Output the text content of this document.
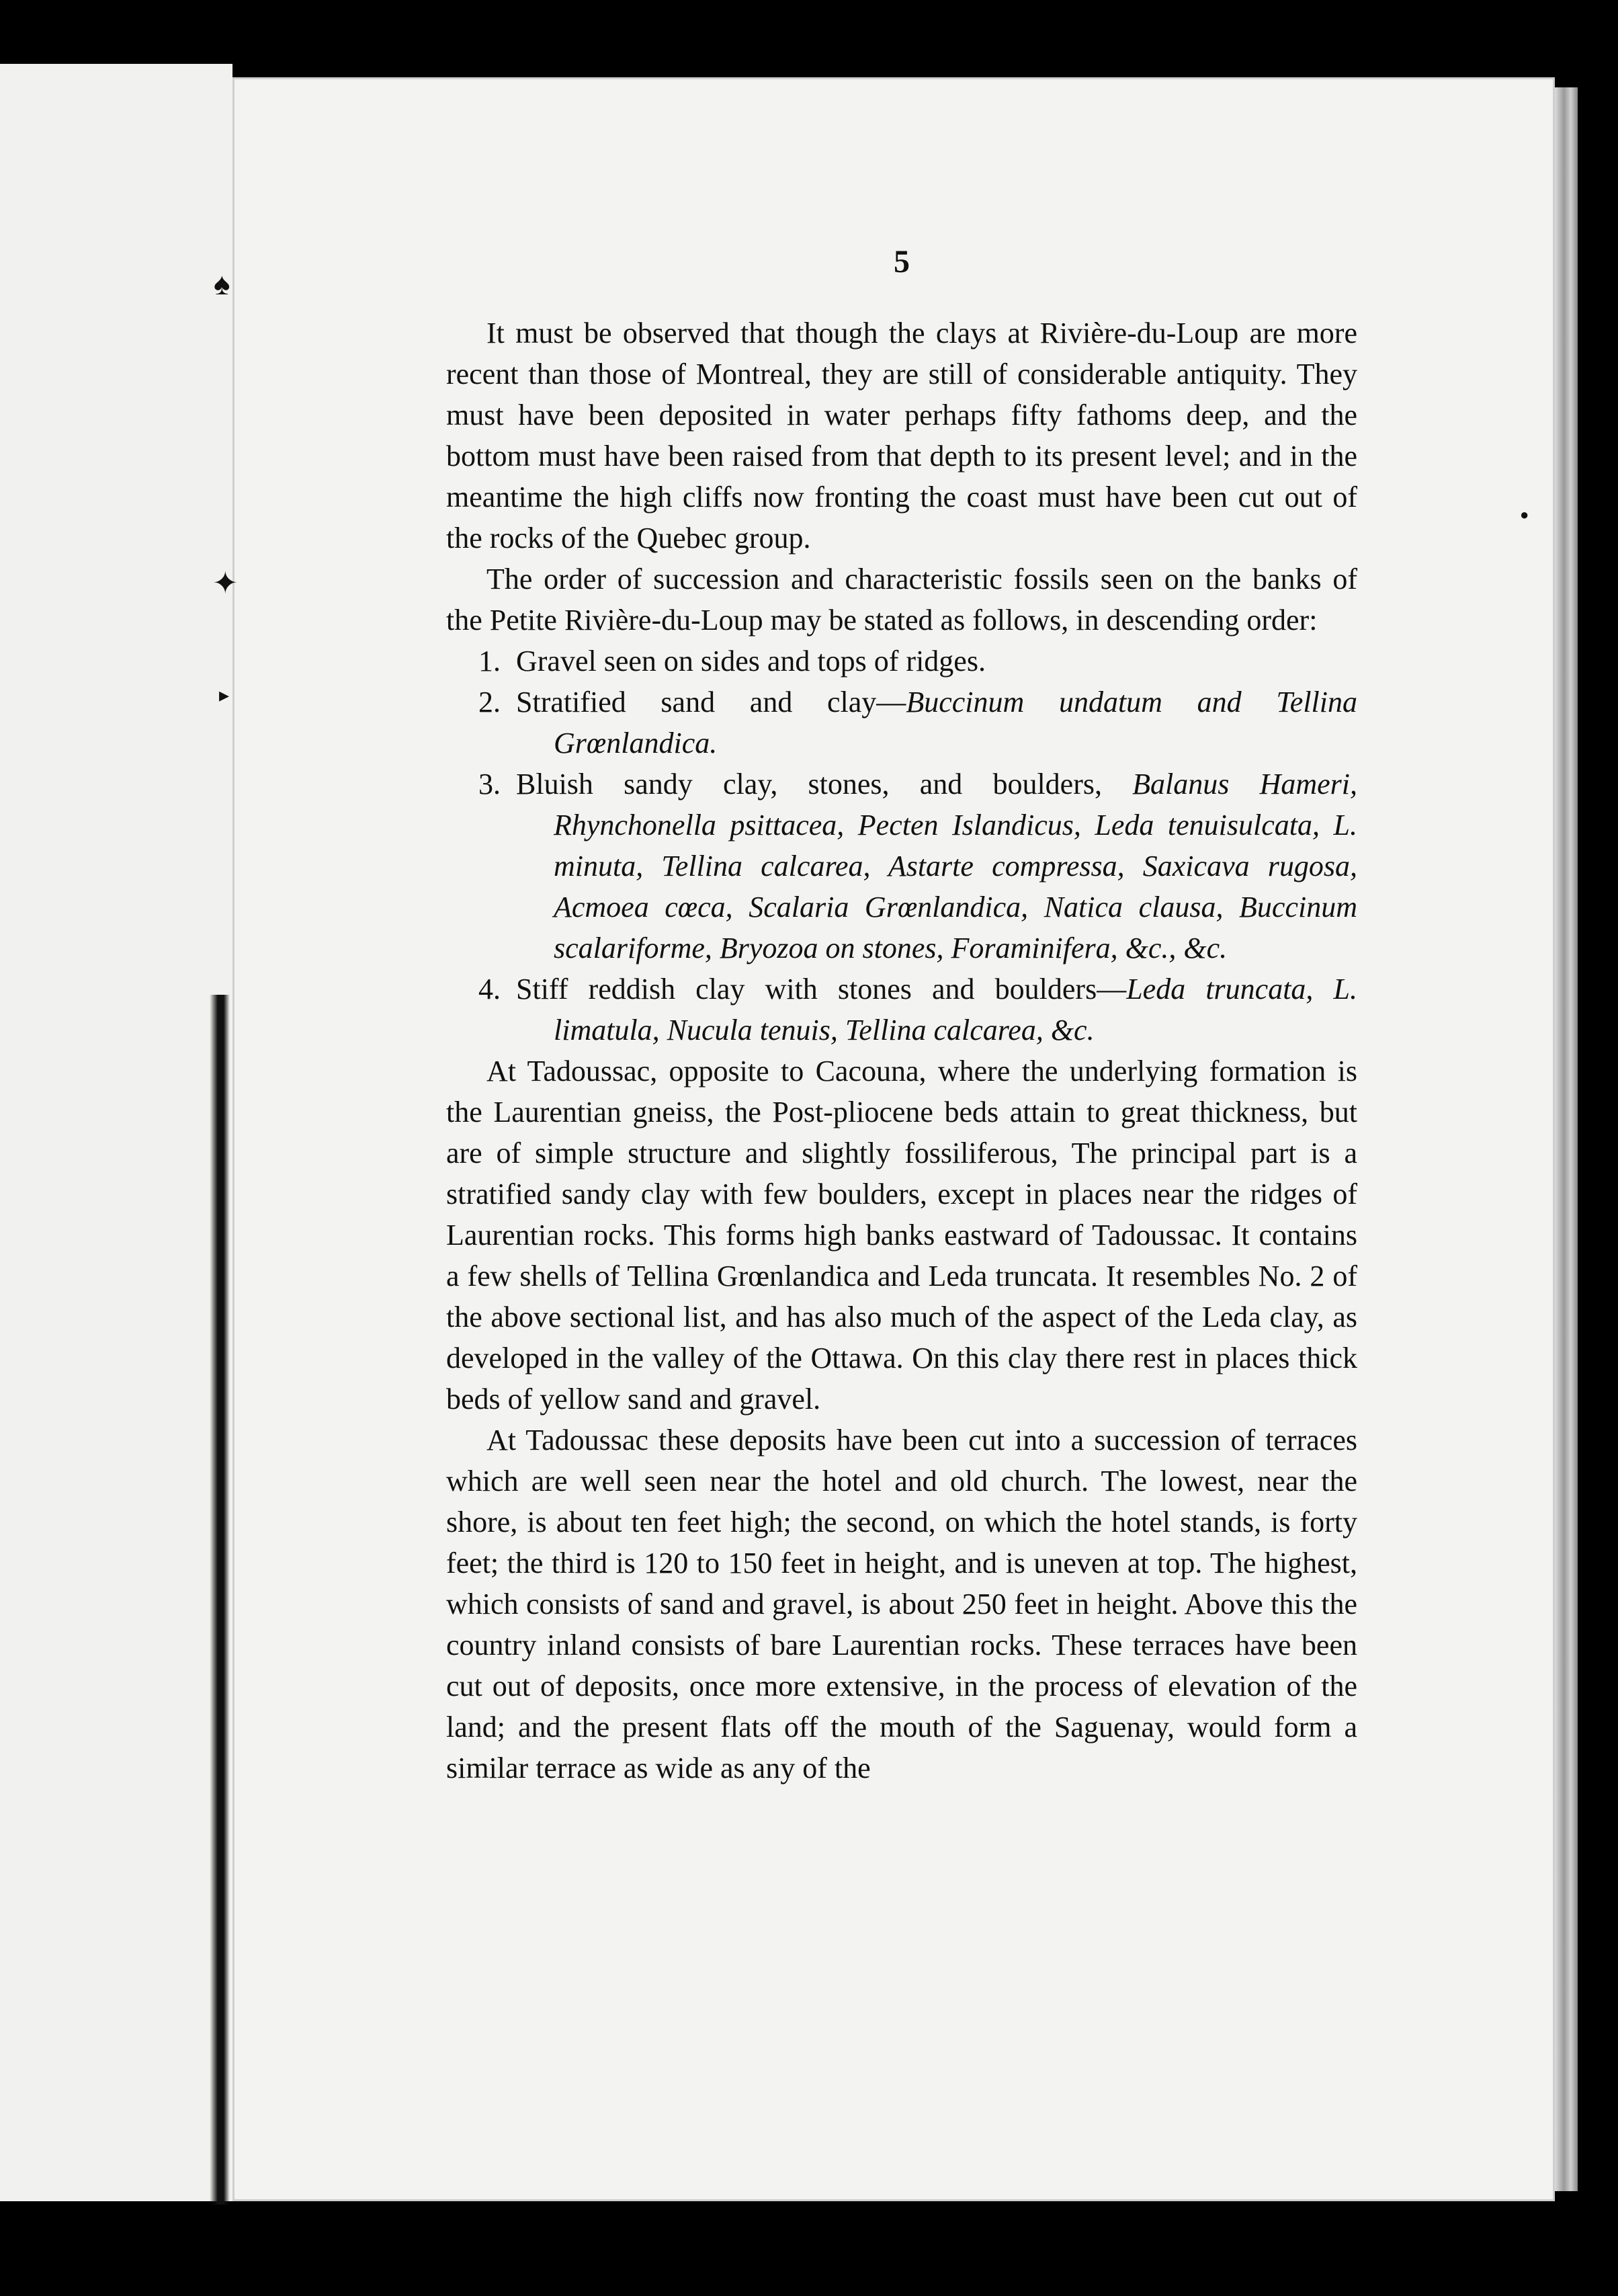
♠
✦
▸
●
5

It must be observed that though the clays at Rivière-du-Loup are more recent than those of Montreal, they are still of considerable antiquity. They must have been deposited in water perhaps fifty fathoms deep, and the bottom must have been raised from that depth to its present level; and in the meantime the high cliffs now fronting the coast must have been cut out of the rocks of the Quebec group.

The order of succession and characteristic fossils seen on the banks of the Petite Rivière-du-Loup may be stated as follows, in descending order:

1. Gravel seen on sides and tops of ridges.
2. Stratified sand and clay—Buccinum undatum and Tellina Grœnlandica.
3. Bluish sandy clay, stones, and boulders, Balanus Hameri, Rhynchonella psittacea, Pecten Islandicus, Leda tenuisulcata, L. minuta, Tellina calcarea, Astarte compressa, Saxicava rugosa, Acmoea cœca, Scalaria Grœnlandica, Natica clausa, Buccinum scalariforme, Bryozoa on stones, Foraminifera, &c., &c.
4. Stiff reddish clay with stones and boulders—Leda truncata, L. limatula, Nucula tenuis, Tellina calcarea, &c.

At Tadoussac, opposite to Cacouna, where the underlying formation is the Laurentian gneiss, the Post-pliocene beds attain to great thickness, but are of simple structure and slightly fossiliferous, The principal part is a stratified sandy clay with few boulders, except in places near the ridges of Laurentian rocks. This forms high banks eastward of Tadoussac. It contains a few shells of Tellina Grœnlandica and Leda truncata. It resembles No. 2 of the above sectional list, and has also much of the aspect of the Leda clay, as developed in the valley of the Ottawa. On this clay there rest in places thick beds of yellow sand and gravel.

At Tadoussac these deposits have been cut into a succession of terraces which are well seen near the hotel and old church. The lowest, near the shore, is about ten feet high; the second, on which the hotel stands, is forty feet; the third is 120 to 150 feet in height, and is uneven at top. The highest, which consists of sand and gravel, is about 250 feet in height. Above this the country inland consists of bare Laurentian rocks. These terraces have been cut out of deposits, once more extensive, in the process of elevation of the land; and the present flats off the mouth of the Saguenay, would form a similar terrace as wide as any of the
